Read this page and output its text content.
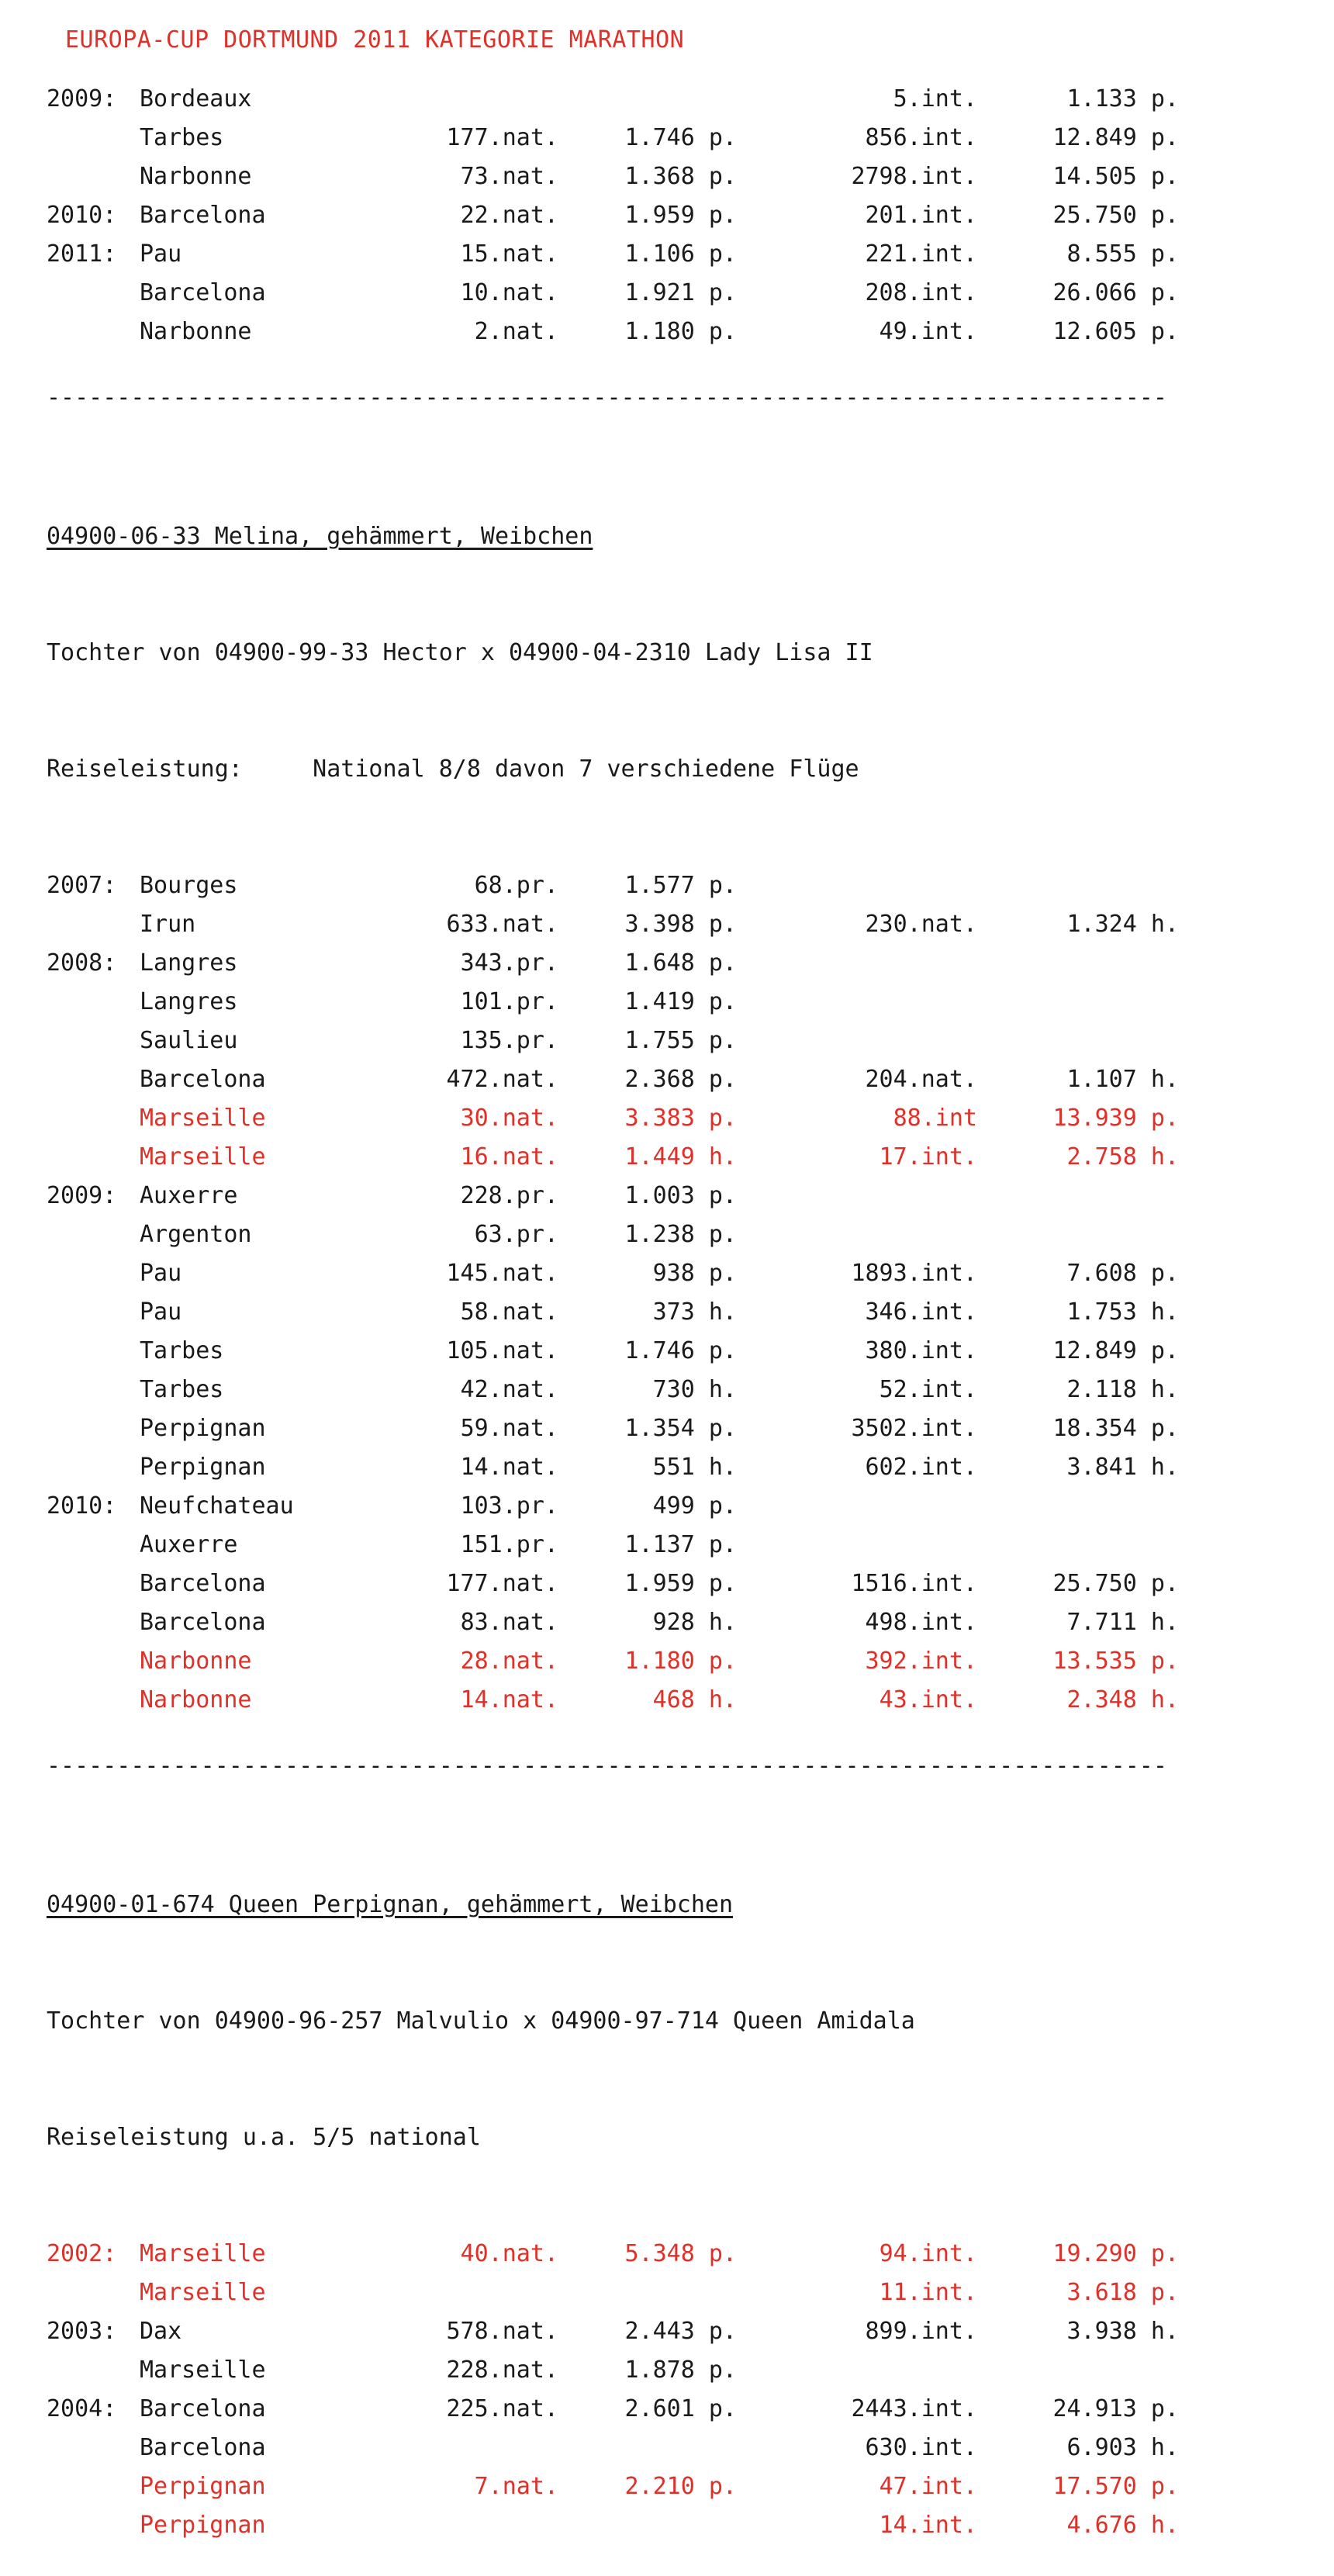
EUROPA-CUP DORTMUND 2011 KATEGORIE MARATHON
2009: Bordeaux	5.int.	1.133 p.
Tarbes	177.nat.	1.746 p.	856.int.	12.849 p.
Narbonne	73.nat.	1.368 p.	2798.int.	14.505 p.
2010: Barcelona	22.nat.	1.959 p.	201.int.	25.750 p.
2011: Pau	15.nat.	1.106 p.	221.int.	8.555 p.
Barcelona	10.nat.	1.921 p.	208.int.	26.066 p.
Narbonne	2.nat.	1.180 p.	49.int.	12.605 p.
--------------------------------------------------------------------------------

04900-06-33 Melina, gehämmert, Weibchen

Tochter von 04900-99-33 Hector x 04900-04-2310 Lady Lisa II

Reiseleistung:     National 8/8 davon 7 verschiedene Flüge

2007: Bourges	68.pr.	1.577 p.
Irun	633.nat.	3.398 p.	230.nat.	1.324 h.
2008: Langres	343.pr.	1.648 p.
Langres	101.pr.	1.419 p.
Saulieu	135.pr.	1.755 p.
Barcelona	472.nat.	2.368 p.	204.nat.	1.107 h.
Marseille	30.nat.	3.383 p.	88.int	13.939 p.
Marseille	16.nat.	1.449 h.	17.int.	2.758 h.
2009: Auxerre	228.pr.	1.003 p.
Argenton	63.pr.	1.238 p.
Pau	145.nat.	938 p.	1893.int.	7.608 p.
Pau	58.nat.	373 h.	346.int.	1.753 h.
Tarbes	105.nat.	1.746 p.	380.int.	12.849 p.
Tarbes	42.nat.	730 h.	52.int.	2.118 h.
Perpignan	59.nat.	1.354 p.	3502.int.	18.354 p.
Perpignan	14.nat.	551 h.	602.int.	3.841 h.
2010: Neufchateau	103.pr.	499 p.
Auxerre	151.pr.	1.137 p.
Barcelona	177.nat.	1.959 p.	1516.int.	25.750 p.
Barcelona	83.nat.	928 h.	498.int.	7.711 h.
Narbonne	28.nat.	1.180 p.	392.int.	13.535 p.
Narbonne	14.nat.	468 h.	43.int.	2.348 h.
--------------------------------------------------------------------------------

04900-01-674 Queen Perpignan, gehämmert, Weibchen

Tochter von 04900-96-257 Malvulio x 04900-97-714 Queen Amidala

Reiseleistung u.a. 5/5 national

2002: Marseille	40.nat.	5.348 p.	94.int.	19.290 p.
Marseille	11.int.	3.618 p.
2003: Dax	578.nat.	2.443 p.	899.int.	3.938 h.
Marseille	228.nat.	1.878 p.
2004: Barcelona	225.nat.	2.601 p.	2443.int.	24.913 p.
Barcelona	630.int.	6.903 h.
Perpignan	7.nat.	2.210 p.	47.int.	17.570 p.
Perpignan	14.int.	4.676 h.
